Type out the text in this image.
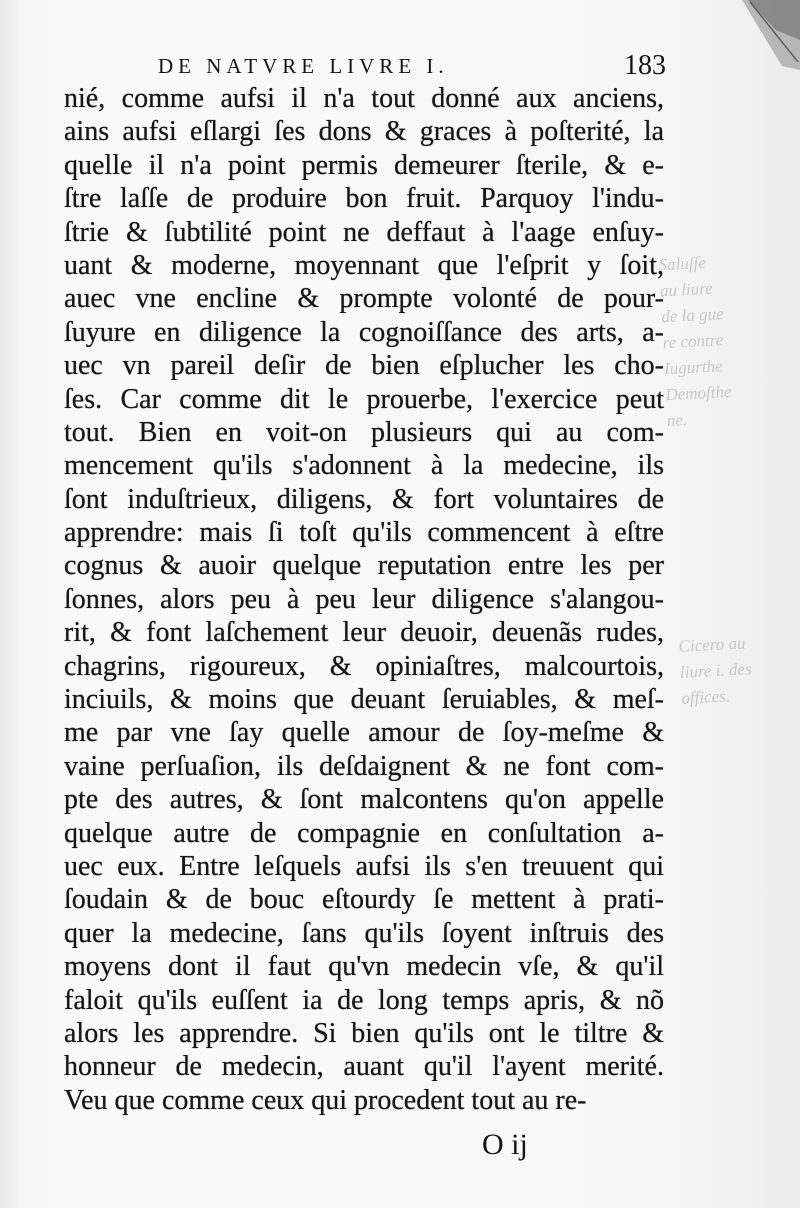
DE NATVRE LIVRE I.	183
nié, comme aufsi il n'a tout donné aux anciens,
ains aufsi eſlargi ſes dons & graces à poſterité, la
quelle il n'a point permis demeurer ſterile, & e-
ſtre laſſe de produire bon fruit. Parquoy l'indu-
ſtrie & ſubtilité point ne deffaut à l'aage enſuy-
uant & moderne, moyennant que l'eſprit y ſoit,
auec vne encline & prompte volonté de pour-
ſuyure en diligence la cognoiſſance des arts, a-
uec vn pareil deſir de bien eſplucher les cho-
ſes. Car comme dit le prouerbe, l'exercice peut
tout. Bien en voit-on plusieurs qui au com-
mencement qu'ils s'adonnent à la medecine, ils
ſont induſtrieux, diligens, & fort voluntaires de
apprendre: mais ſi toſt qu'ils commencent à eſtre
cognus & auoir quelque reputation entre les per
ſonnes, alors peu à peu leur diligence s'alangou-
rit, & font laſchement leur deuoir, deuenãs rudes,
chagrins, rigoureux, & opiniaſtres, malcourtois,
inciuils, & moins que deuant ſeruiables, & meſ-
me par vne ſay quelle amour de ſoy-meſme &
vaine perſuaſion, ils deſdaignent & ne font com-
pte des autres, & ſont malcontens qu'on appelle
quelque autre de compagnie en conſultation a-
uec eux. Entre leſquels aufsi ils s'en treuuent qui
ſoudain & de bouc eſtourdy ſe mettent à prati-
quer la medecine, ſans qu'ils ſoyent inſtruis des
moyens dont il faut qu'vn medecin vſe, & qu'il
faloit qu'ils euſſent ia de long temps apris, & nõ
alors les apprendre. Si bien qu'ils ont le tiltre &
honneur de medecin, auant qu'il l'ayent merité.
Veu que comme ceux qui procedent tout au re-
Saluſſe
au liure
de la gue
re contre
Iugurthe
Demoſthe
ne.
Cicero au
liure i. des
offices.
O ij
